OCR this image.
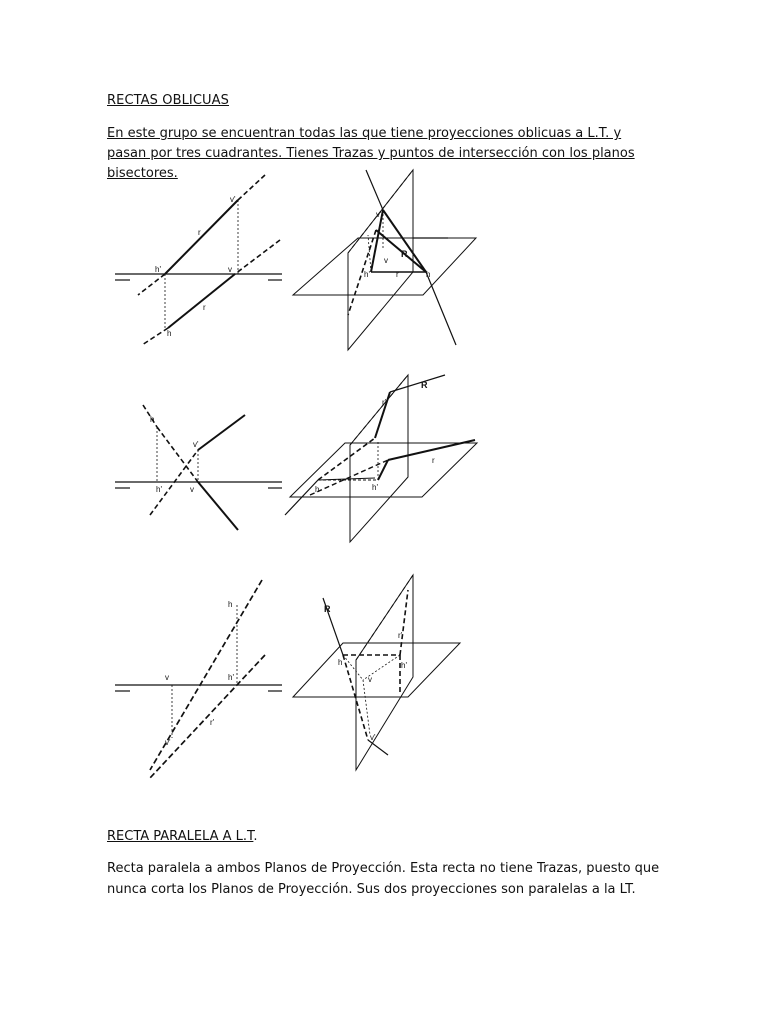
RECTAS OBLICUAS

En este grupo se encuentran todas las que tiene proyecciones oblicuas a L.T. y pasan por tres cuadrantes. Tienes Trazas y puntos de intersección con los planos bisectores.

v'
r
h'	v
r
h
v'
R
v
h'	r	h
h
v'
h'	v
R
r'
h	h'
r
h
h'
v
v'
r'
R
h
r'
h'
v
v'
RECTA PARALELA A L.T.

Recta paralela a ambos Planos de Proyección. Esta recta no tiene Trazas, puesto que nunca corta los Planos de Proyección. Sus dos proyecciones son paralelas a la LT.
